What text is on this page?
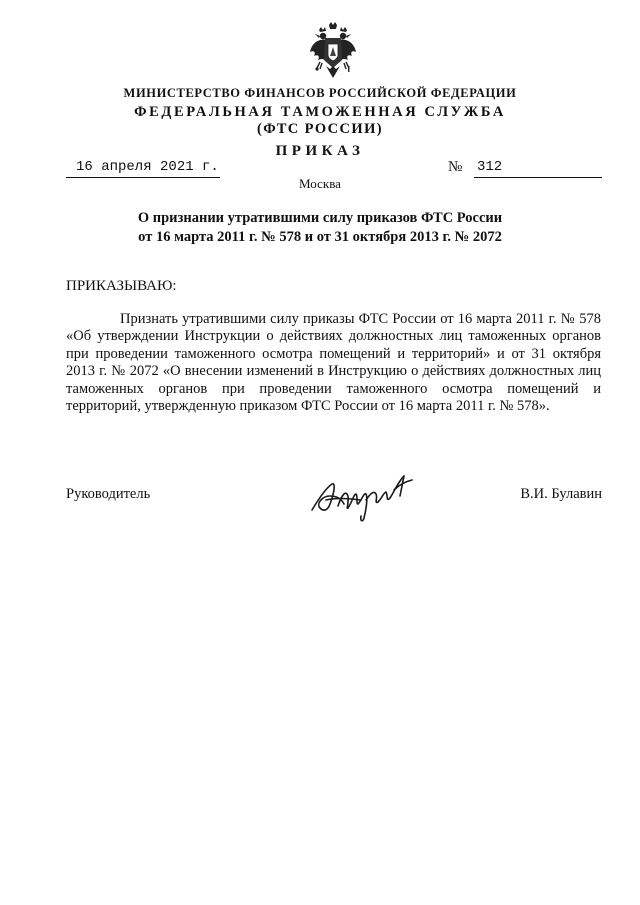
МИНИСТЕРСТВО ФИНАНСОВ РОССИЙСКОЙ ФЕДЕРАЦИИ
ФЕДЕРАЛЬНАЯ ТАМОЖЕННАЯ СЛУЖБА
(ФТС РОССИИ)
ПРИКАЗ
16 апреля 2021 г.	№ 312
Москва
О признании утратившими силу приказов ФТС России
от 16 марта 2011 г. № 578 и от 31 октября 2013 г. № 2072
ПРИКАЗЫВАЮ:
Признать утратившими силу приказы ФТС России от 16 марта 2011 г. № 578 «Об утверждении Инструкции о действиях должностных лиц таможенных органов при проведении таможенного осмотра помещений и территорий» и от 31 октября 2013 г. № 2072 «О внесении изменений в Инструкцию о действиях должностных лиц таможенных органов при проведении таможенного осмотра помещений и территорий, утвержденную приказом ФТС России от 16 марта 2011 г. № 578».
Руководитель	В.И. Булавин
